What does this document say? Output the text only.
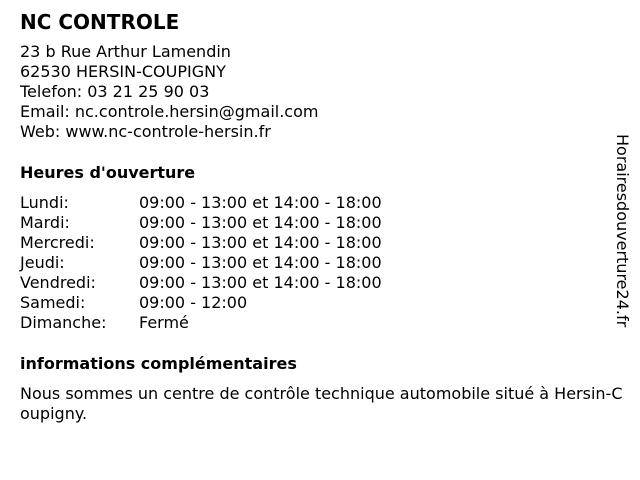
NC CONTROLE
23 b Rue Arthur Lamendin
62530 HERSIN-COUPIGNY
Telefon: 03 21 25 90 03
Email: nc.controle.hersin@gmail.com
Web: www.nc-controle-hersin.fr
Heures d'ouverture
Lundi:	09:00 - 13:00 et 14:00 - 18:00
Mardi:	09:00 - 13:00 et 14:00 - 18:00
Mercredi:	09:00 - 13:00 et 14:00 - 18:00
Jeudi:	09:00 - 13:00 et 14:00 - 18:00
Vendredi:	09:00 - 13:00 et 14:00 - 18:00
Samedi:	09:00 - 12:00
Dimanche:	Fermé
informations complémentaires
Nous sommes un centre de contrôle technique automobile situé à Hersin-Coupigny.
Horairesdouverture24.fr
